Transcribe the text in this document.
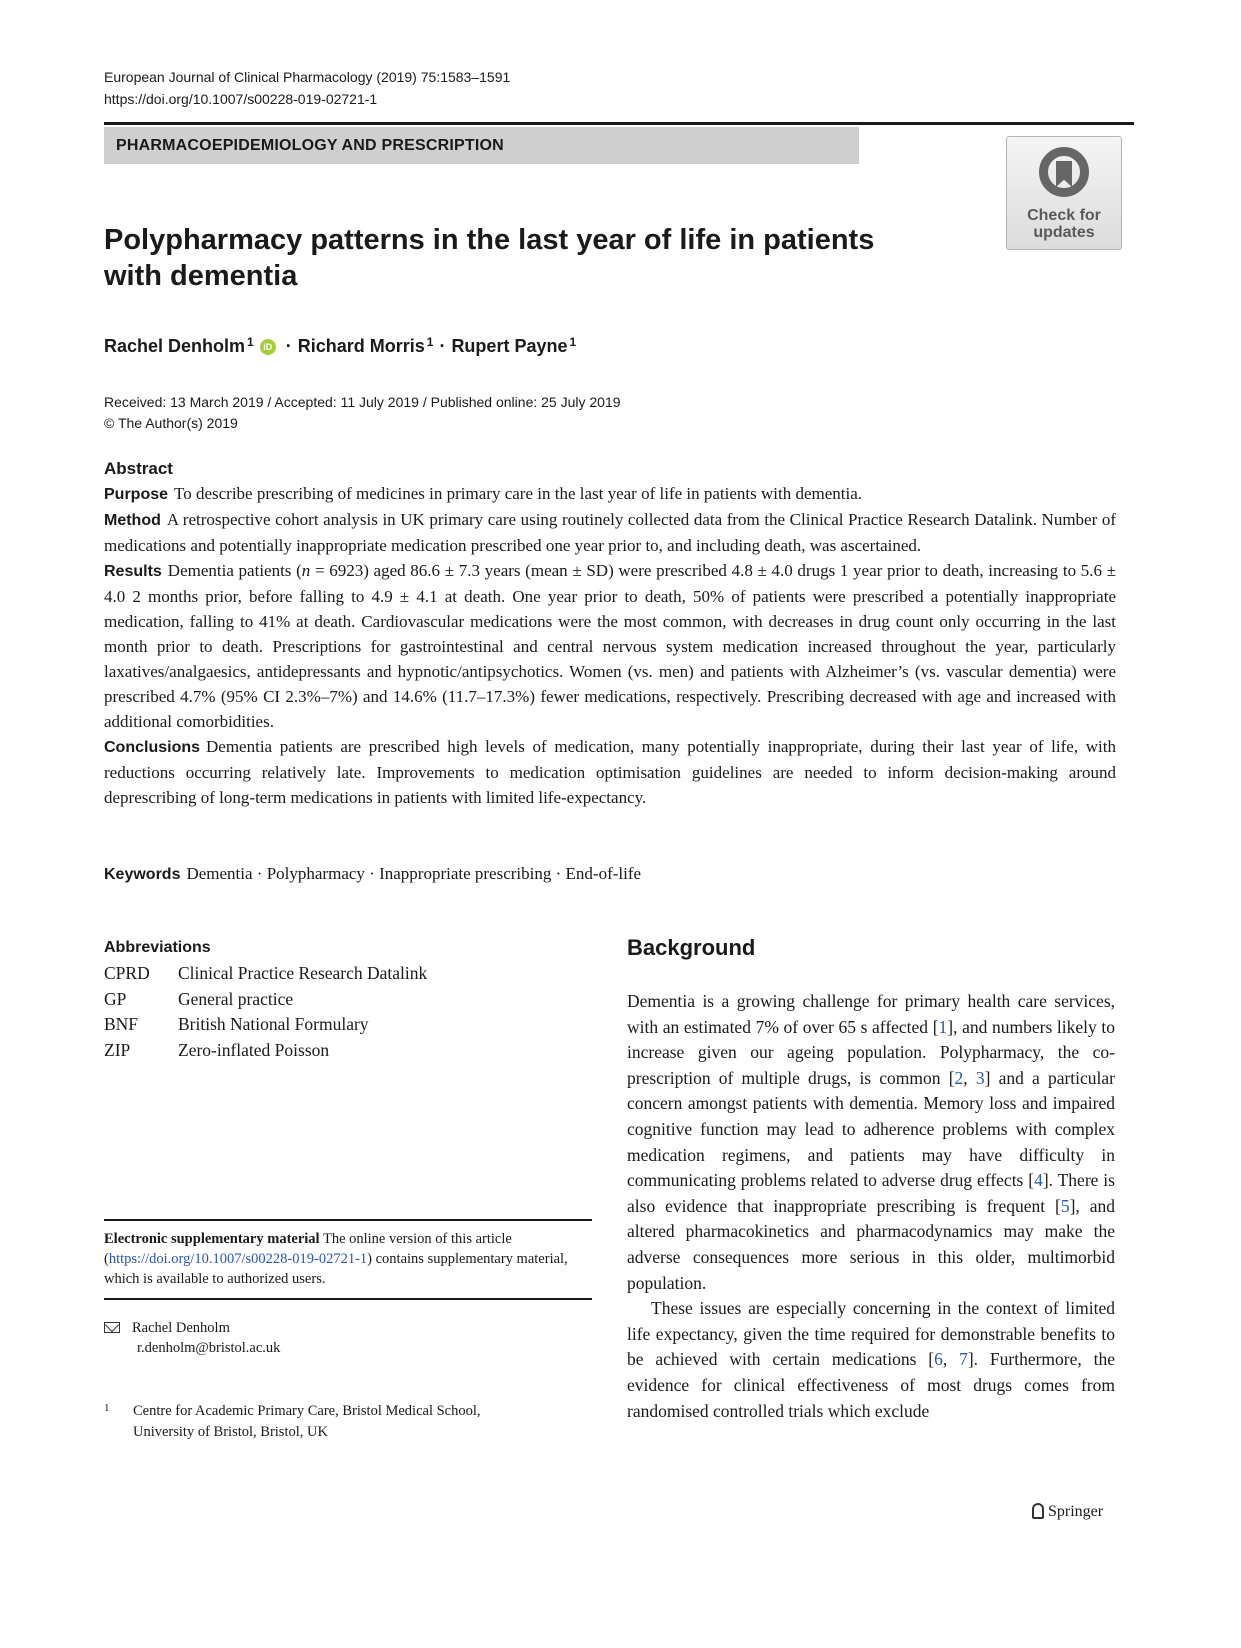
European Journal of Clinical Pharmacology (2019) 75:1583–1591
https://doi.org/10.1007/s00228-019-02721-1
PHARMACOEPIDEMIOLOGY AND PRESCRIPTION
Check for
updates
Polypharmacy patterns in the last year of life in patients
with dementia
Rachel Denholm $^1$ iD · Richard Morris $^1$ · Rupert Payne $^1$
Received: 13 March 2019 / Accepted: 11 July 2019 / Published online: 25 July 2019
© The Author(s) 2019
Abstract

Purpose To describe prescribing of medicines in primary care in the last year of life in patients with dementia.

Method A retrospective cohort analysis in UK primary care using routinely collected data from the Clinical Practice Research Datalink. Number of medications and potentially inappropriate medication prescribed one year prior to, and including death, was ascertained.

Results Dementia patients (n = 6923) aged 86.6 ± 7.3 years (mean ± SD) were prescribed 4.8 ± 4.0 drugs 1 year prior to death, increasing to 5.6 ± 4.0 2 months prior, before falling to 4.9 ± 4.1 at death. One year prior to death, 50% of patients were prescribed a potentially inappropriate medication, falling to 41% at death. Cardiovascular medications were the most common, with decreases in drug count only occurring in the last month prior to death. Prescriptions for gastrointestinal and central nervous system medication increased throughout the year, particularly laxatives/analgaesics, antidepressants and hypnotic/antipsychotics. Women (vs. men) and patients with Alzheimer’s (vs. vascular dementia) were prescribed 4.7% (95% CI 2.3%–7%) and 14.6% (11.7–17.3%) fewer medications, respectively. Prescribing decreased with age and increased with additional comorbidities.

Conclusions Dementia patients are prescribed high levels of medication, many potentially inappropriate, during their last year of life, with reductions occurring relatively late. Improvements to medication optimisation guidelines are needed to inform decision-making around deprescribing of long-term medications in patients with limited life-expectancy.

Keywords Dementia · Polypharmacy · Inappropriate prescribing · End-of-life
Abbreviations
CPRD Clinical Practice Research Datalink
GP	General practice
BNF British National Formulary
ZIP	Zero-inflated Poisson
Electronic supplementary material The online version of this article (https://doi.org/10.1007/s00228-019-02721-1) contains supplementary material, which is available to authorized users.
Rachel Denholm
r.denholm@bristol.ac.uk
1 Centre for Academic Primary Care, Bristol Medical School,
University of Bristol, Bristol, UK
Background

Dementia is a growing challenge for primary health care services, with an estimated 7% of over 65 s affected [1], and numbers likely to increase given our ageing population. Polypharmacy, the co-prescription of multiple drugs, is common [2, 3] and a particular concern amongst patients with dementia. Memory loss and impaired cognitive function may lead to adherence problems with complex medication regimens, and patients may have difficulty in communicating problems related to adverse drug effects [4]. There is also evidence that inappropriate prescribing is frequent [5], and altered pharmacokinetics and pharmacodynamics may make the adverse consequences more serious in this older, multimorbid population.

These issues are especially concerning in the context of limited life expectancy, given the time required for demonstrable benefits to be achieved with certain medications [6, 7]. Furthermore, the evidence for clinical effectiveness of most drugs comes from randomised controlled trials which exclude

Springer
